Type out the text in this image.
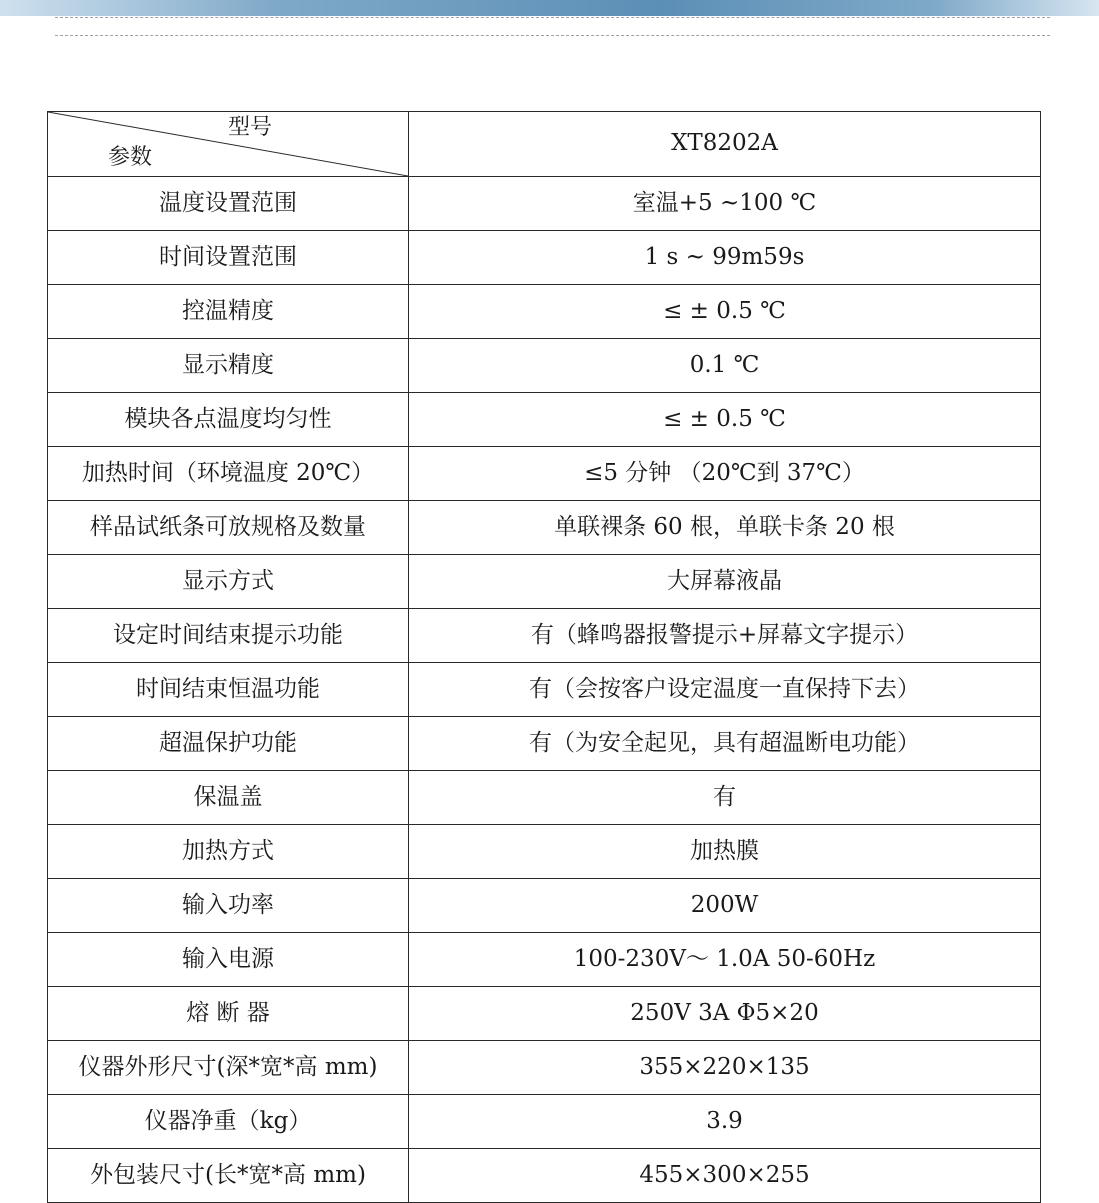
型号
参数	XT8202A
温度设置范围	室温+5 ~100 ℃
时间设置范围	1 s ~ 99m59s
控温精度	≤ ± 0.5 ℃
显示精度	0.1 ℃
模块各点温度均匀性	≤ ± 0.5 ℃
加热时间（环境温度 20℃）	≤5 分钟 （20℃到 37℃）
样品试纸条可放规格及数量	单联裸条 60 根，单联卡条 20 根
显示方式	大屏幕液晶
设定时间结束提示功能	有（蜂鸣器报警提示+屏幕文字提示）
时间结束恒温功能	有（会按客户设定温度一直保持下去）
超温保护功能	有（为安全起见，具有超温断电功能）
保温盖	有
加热方式	加热膜
输入功率	200W
输入电源	100-230V～ 1.0A 50-60Hz
熔 断 器	250V 3A Φ5×20
仪器外形尺寸(深*宽*高 mm)	355×220×135
仪器净重（kg）	3.9
外包装尺寸(长*宽*高 mm)	455×300×255
